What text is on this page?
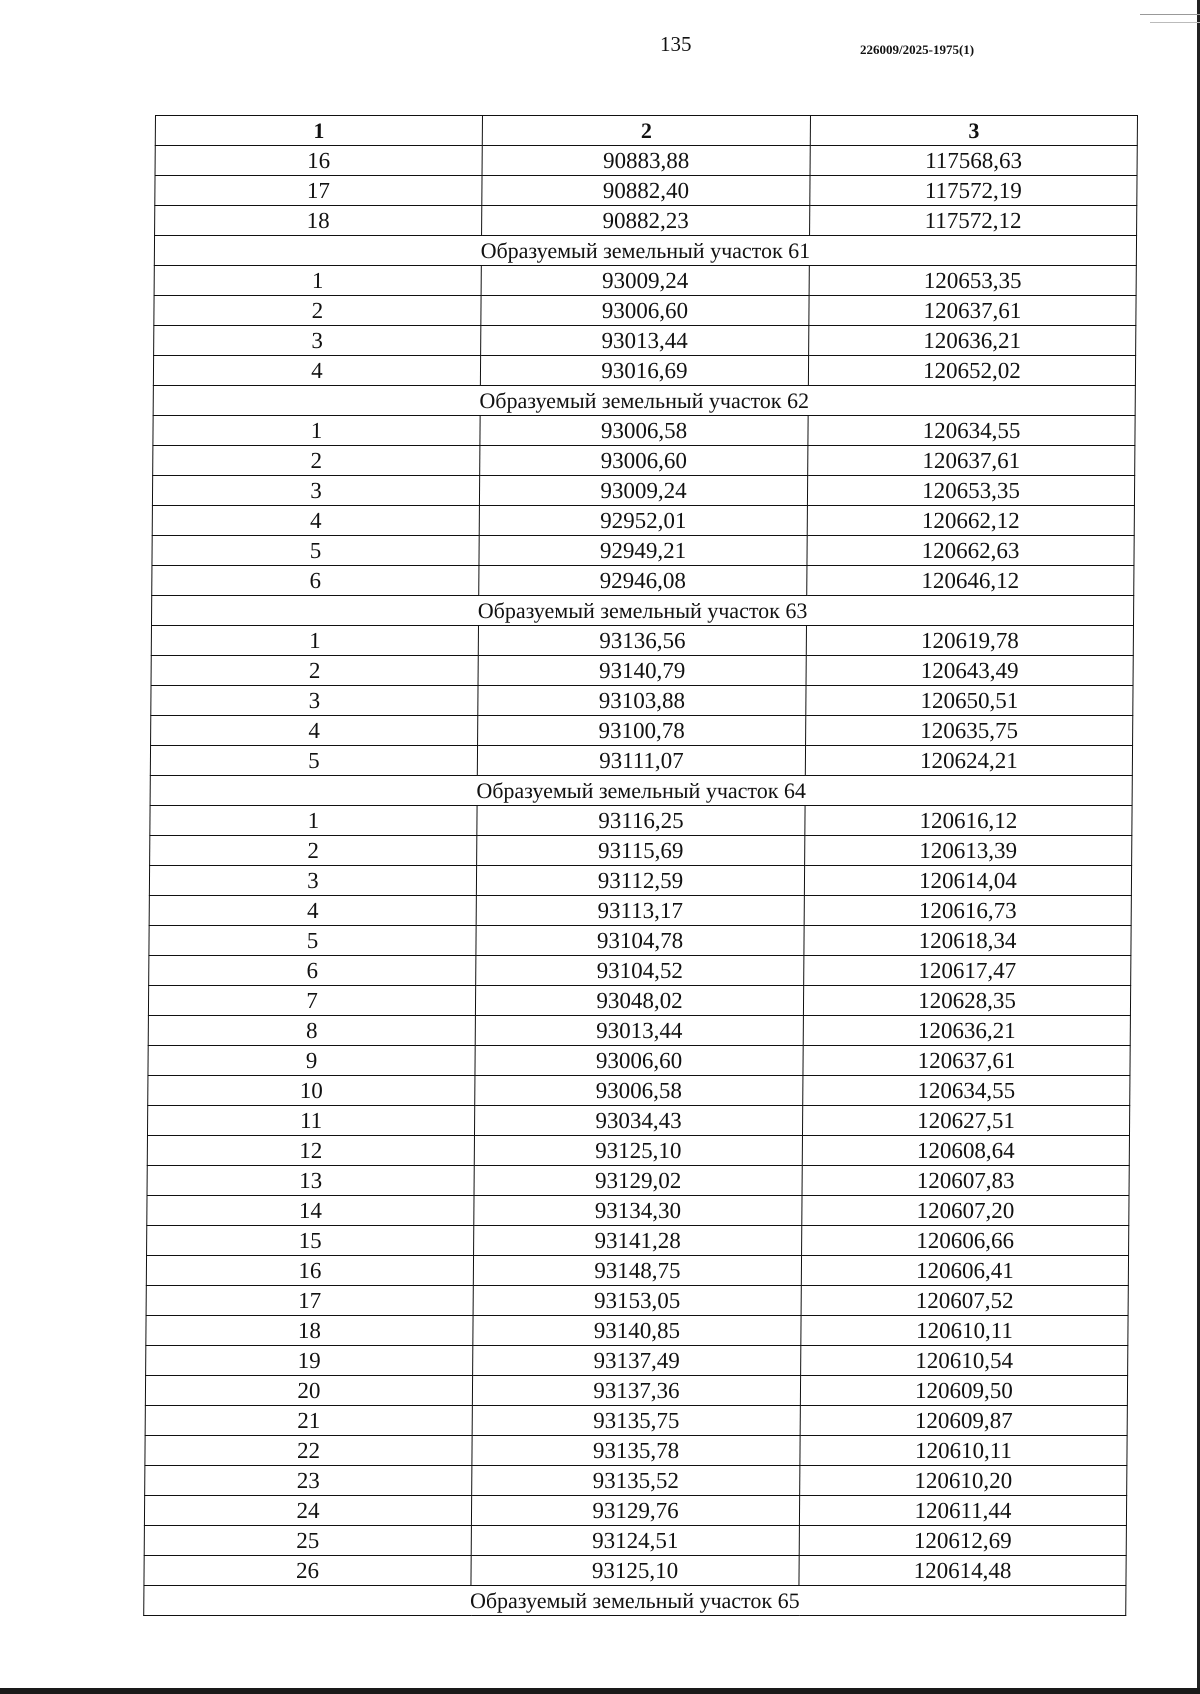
135	226009/2025-1975(1)
1	2	3
16	90883,88	117568,63
17	90882,40	117572,19
18	90882,23	117572,12
Образуемый земельный участок 61		
1	93009,24	120653,35
2	93006,60	120637,61
3	93013,44	120636,21
4	93016,69	120652,02
Образуемый земельный участок 62		
1	93006,58	120634,55
2	93006,60	120637,61
3	93009,24	120653,35
4	92952,01	120662,12
5	92949,21	120662,63
6	92946,08	120646,12
Образуемый земельный участок 63		
1	93136,56	120619,78
2	93140,79	120643,49
3	93103,88	120650,51
4	93100,78	120635,75
5	93111,07	120624,21
Образуемый земельный участок 64		
1	93116,25	120616,12
2	93115,69	120613,39
3	93112,59	120614,04
4	93113,17	120616,73
5	93104,78	120618,34
6	93104,52	120617,47
7	93048,02	120628,35
8	93013,44	120636,21
9	93006,60	120637,61
10	93006,58	120634,55
11	93034,43	120627,51
12	93125,10	120608,64
13	93129,02	120607,83
14	93134,30	120607,20
15	93141,28	120606,66
16	93148,75	120606,41
17	93153,05	120607,52
18	93140,85	120610,11
19	93137,49	120610,54
20	93137,36	120609,50
21	93135,75	120609,87
22	93135,78	120610,11
23	93135,52	120610,20
24	93129,76	120611,44
25	93124,51	120612,69
26	93125,10	120614,48
Образуемый земельный участок 65		
